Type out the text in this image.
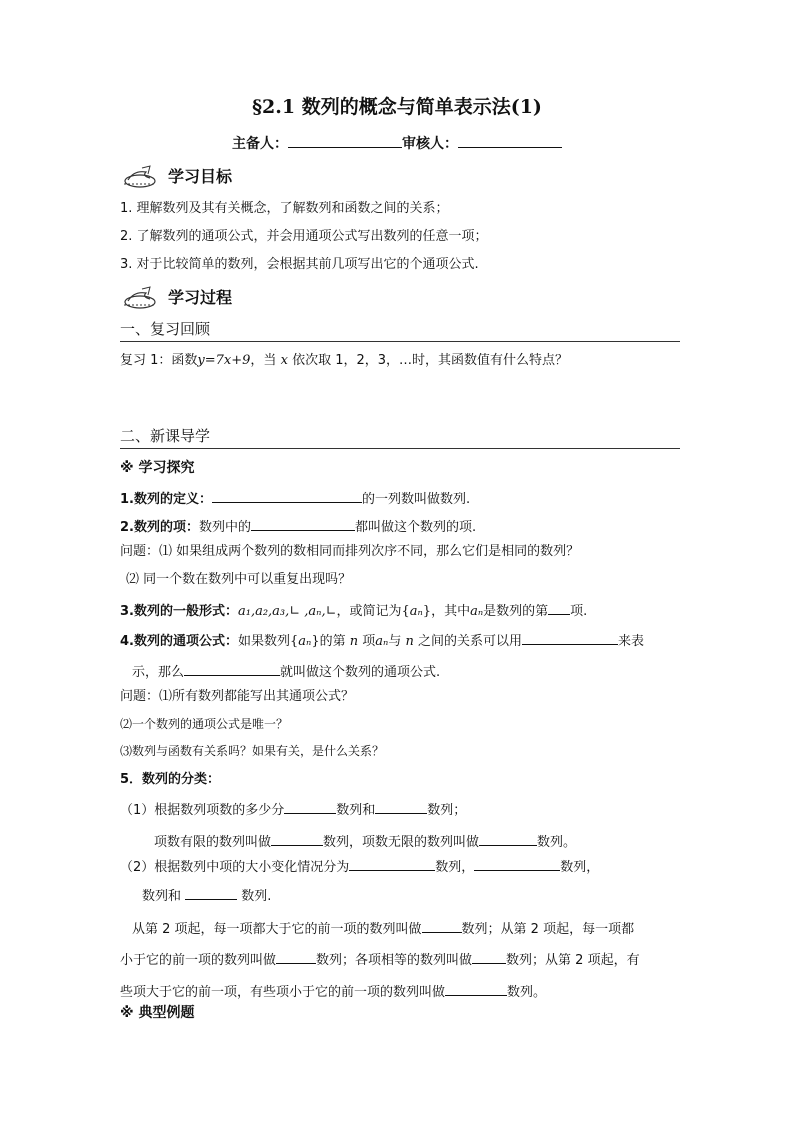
§2.1 数列的概念与简单表示法(1)
主备人：	审核人：
学习目标
1. 理解数列及其有关概念，了解数列和函数之间的关系；
2. 了解数列的通项公式，并会用通项公式写出数列的任意一项；
3. 对于比较简单的数列，会根据其前几项写出它的个通项公式.
学习过程
一、复习回顾
复习 1：函数y=7x+9，当 x 依次取 1，2，3，…时，其函数值有什么特点？
二、新课导学
※ 学习探究
1.数列的定义：	的一列数叫做数列.
2.数列的项：数列中的	都叫做这个数列的项.
问题：⑴ 如果组成两个数列的数相同而排列次序不同，那么它们是相同的数列？
⑵ 同一个数在数列中可以重复出现吗？
3.数列的一般形式：a₁,a₂,a₃,∟ ,aₙ,∟，或简记为{aₙ}，其中aₙ是数列的第 项.
4.数列的通项公式：如果数列{aₙ}的第 n 项aₙ与 n 之间的关系可以用	来表
示，那么	就叫做这个数列的通项公式.
问题：⑴所有数列都能写出其通项公式？
⑵一个数列的通项公式是唯一？
⑶数列与函数有关系吗？如果有关，是什么关系？
5．数列的分类：
（1）根据数列项数的多少分	数列和	数列；
项数有限的数列叫做	数列，项数无限的数列叫做	数列。
（2）根据数列中项的大小变化情况分为	数列，	数列，
数列和	数列.
从第 2 项起，每一项都大于它的前一项的数列叫做	数列；从第 2 项起，每一项都
小于它的前一项的数列叫做	数列；各项相等的数列叫做	数列；从第 2 项起，有
些项大于它的前一项，有些项小于它的前一项的数列叫做	数列。
※ 典型例题
